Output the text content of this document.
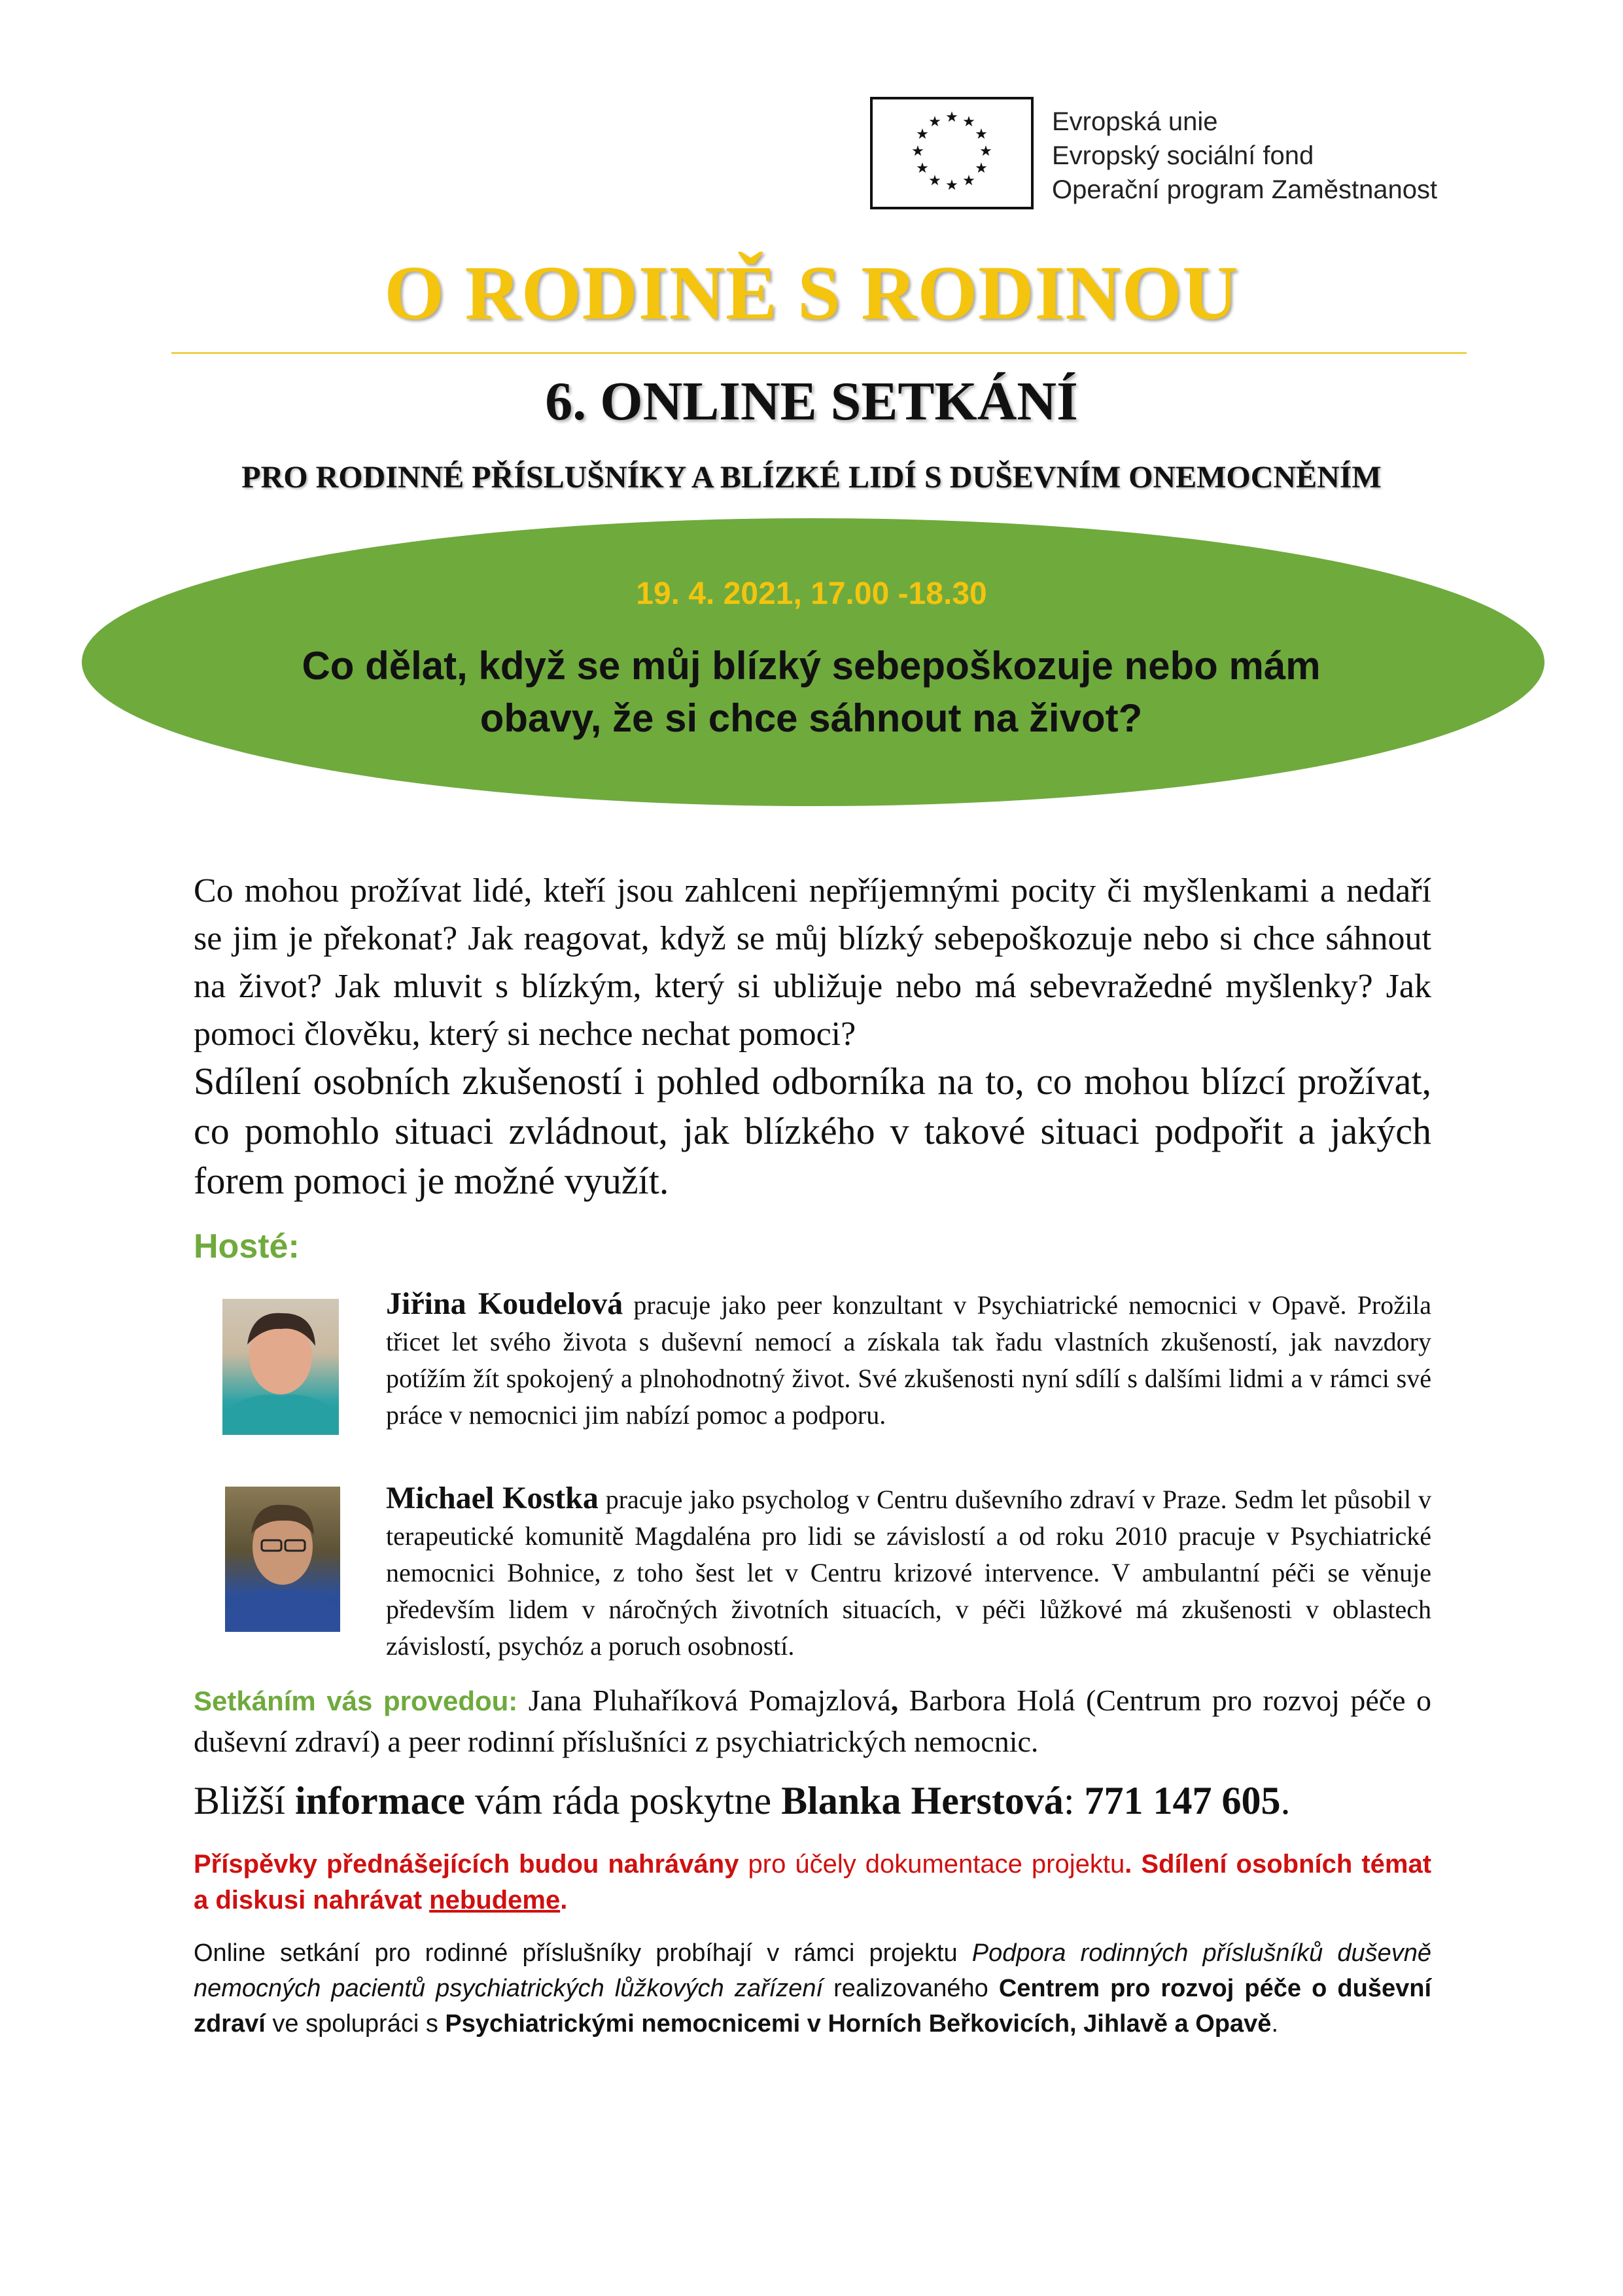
★ ★
★
★
★
★
★
★
★
★
★
★	Evropská unie
Evropský sociální fond
Operační program Zaměstnanost
O RODINĚ S RODINOU
6. ONLINE SETKÁNÍ
PRO RODINNÉ PŘÍSLUŠNÍKY A BLÍZKÉ LIDÍ S DUŠEVNÍM ONEMOCNĚNÍM
19. 4. 2021, 17.00 -18.30
Co dělat, když se můj blízký sebepoškozuje nebo mám obavy, že si chce sáhnout na život?
Co mohou prožívat lidé, kteří jsou zahlceni nepříjemnými pocity či myšlenkami a nedaří se jim je překonat? Jak reagovat, když se můj blízký sebepoškozuje nebo si chce sáhnout na život? Jak mluvit s blízkým, který si ubližuje nebo má sebevražedné myšlenky? Jak pomoci člověku, který si nechce nechat pomoci?
Sdílení osobních zkušeností i pohled odborníka na to, co mohou blízcí prožívat, co pomohlo situaci zvládnout, jak blízkého v takové situaci podpořit a jakých forem pomoci je možné využít.
Hosté:
Jiřina Koudelová pracuje jako peer konzultant v Psychiatrické nemocnici v Opavě. Prožila třicet let svého života s duševní nemocí a získala tak řadu vlastních zkušeností, jak navzdory potížím žít spokojený a plnohodnotný život. Své zkušenosti nyní sdílí s dalšími lidmi a v rámci své práce v nemocnici jim nabízí pomoc a podporu.
Michael Kostka pracuje jako psycholog v Centru duševního zdraví v Praze. Sedm let působil v terapeutické komunitě Magdaléna pro lidi se závislostí a od roku 2010 pracuje v Psychiatrické nemocnici Bohnice, z toho šest let v Centru krizové intervence. V ambulantní péči se věnuje především lidem v náročných životních situacích, v péči lůžkové má zkušenosti v oblastech závislostí, psychóz a poruch osobností.
Setkáním vás provedou: Jana Pluhaříková Pomajzlová, Barbora Holá (Centrum pro rozvoj péče o duševní zdraví) a peer rodinní příslušníci z psychiatrických nemocnic.
Bližší informace vám ráda poskytne Blanka Herstová: 771 147 605.
Příspěvky přednášejících budou nahrávány pro účely dokumentace projektu. Sdílení osobních témat a diskusi nahrávat nebudeme.
Online setkání pro rodinné příslušníky probíhají v rámci projektu Podpora rodinných příslušníků duševně nemocných pacientů psychiatrických lůžkových zařízení realizovaného Centrem pro rozvoj péče o duševní zdraví ve spolupráci s Psychiatrickými nemocnicemi v Horních Beřkovicích, Jihlavě a Opavě.
